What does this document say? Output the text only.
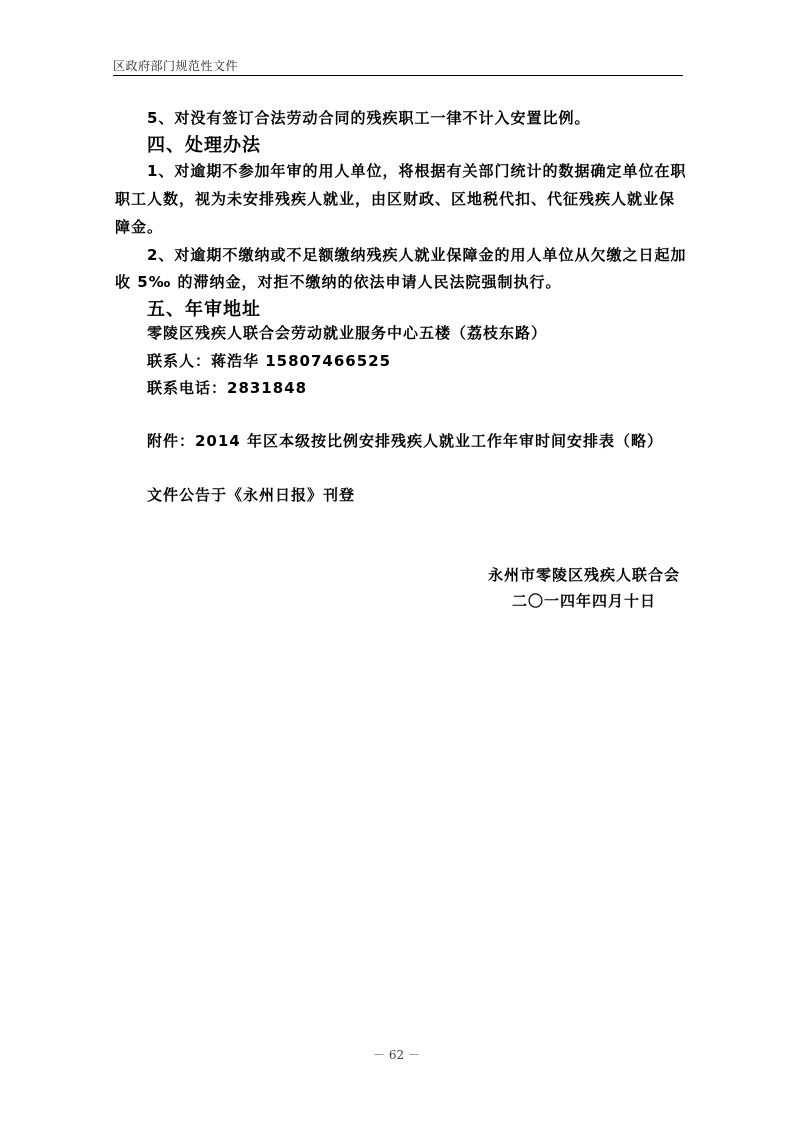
区政府部门规范性文件
5、对没有签订合法劳动合同的残疾职工一律不计入安置比例。
四、处理办法
1、对逾期不参加年审的用人单位，将根据有关部门统计的数据确定单位在职
职工人数，视为未安排残疾人就业，由区财政、区地税代扣、代征残疾人就业保
障金。
2、对逾期不缴纳或不足额缴纳残疾人就业保障金的用人单位从欠缴之日起加
收 5‰ 的滞纳金，对拒不缴纳的依法申请人民法院强制执行。
五、年审地址
零陵区残疾人联合会劳动就业服务中心五楼（荔枝东路）
联系人：蒋浩华 15807466525
联系电话：2831848
附件：2014 年区本级按比例安排残疾人就业工作年审时间安排表（略）
文件公告于《永州日报》刊登
永州市零陵区残疾人联合会
二〇一四年四月十日
－ 62 －
